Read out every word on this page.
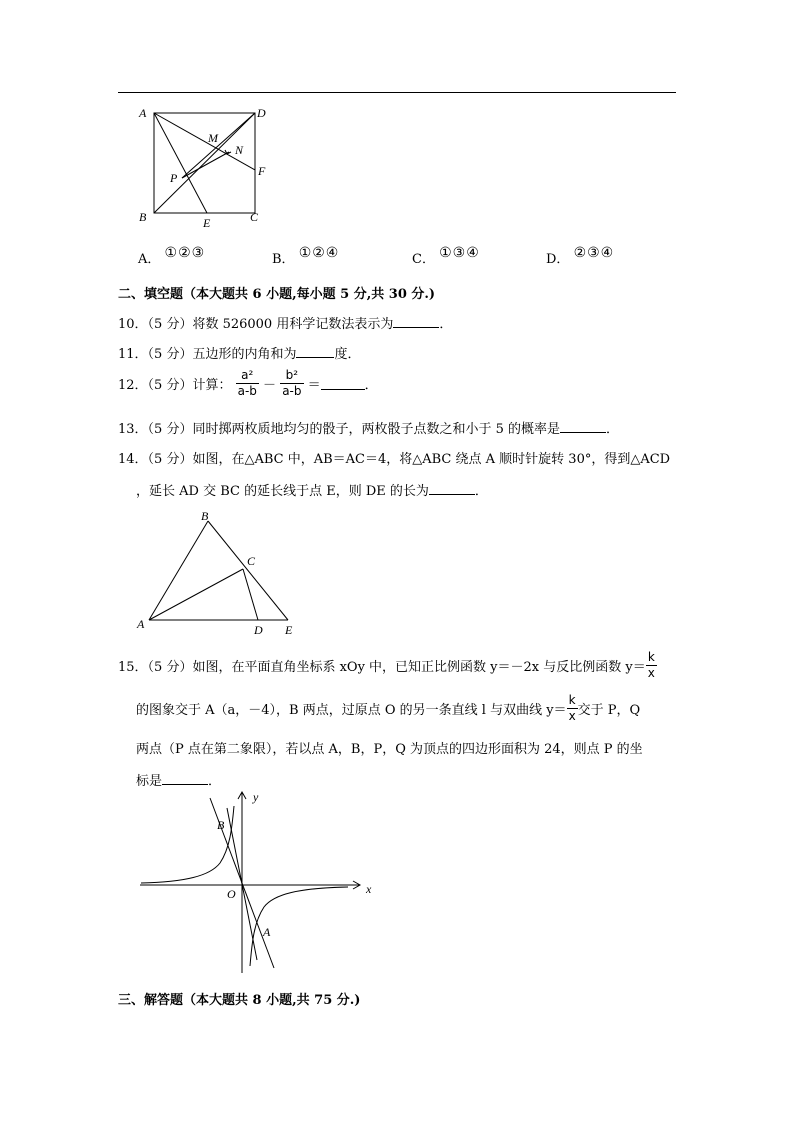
A	D
M
N
P	F
B	E	C
A． ①②③	B． ①②④	C． ①③④	D． ②③④
二、填空题（本大题共 6 小题,每小题 5 分,共 30 分.)
10．（5 分）将数 526000 用科学记数法表示为	．
11．（5 分）五边形的内角和为	度．
12．（5 分）计算： $\frac{\text{a²}}{a-b} - \frac{\text{b²}}{a-b}$ ＝	．
13．（5 分）同时掷两枚质地均匀的骰子，两枚骰子点数之和小于 5 的概率是	．
14．（5 分）如图，在△ABC 中，AB＝AC＝4，将△ABC 绕点 A 顺时针旋转 30°，得到△ACD
，延长 AD 交 BC 的延长线于点 E，则 DE 的长为	．
B
C
A	D E
15．（5 分）如图，在平面直角坐标系 xOy 中，已知正比例函数 y＝－2x 与反比例函数 $y= \frac{k}{x}$
的图象交于 A（a，－4），B 两点，过原点 O 的另一条直线 l 与双曲线 $y= \frac{k}{x}$ 交于 P，Q
两点（P 点在第二象限），若以点 A，B，P，Q 为顶点的四边形面积为 24，则点 P 的坐
标是	．
y
B
O	x
A
三、解答题（本大题共 8 小题,共 75 分.)
